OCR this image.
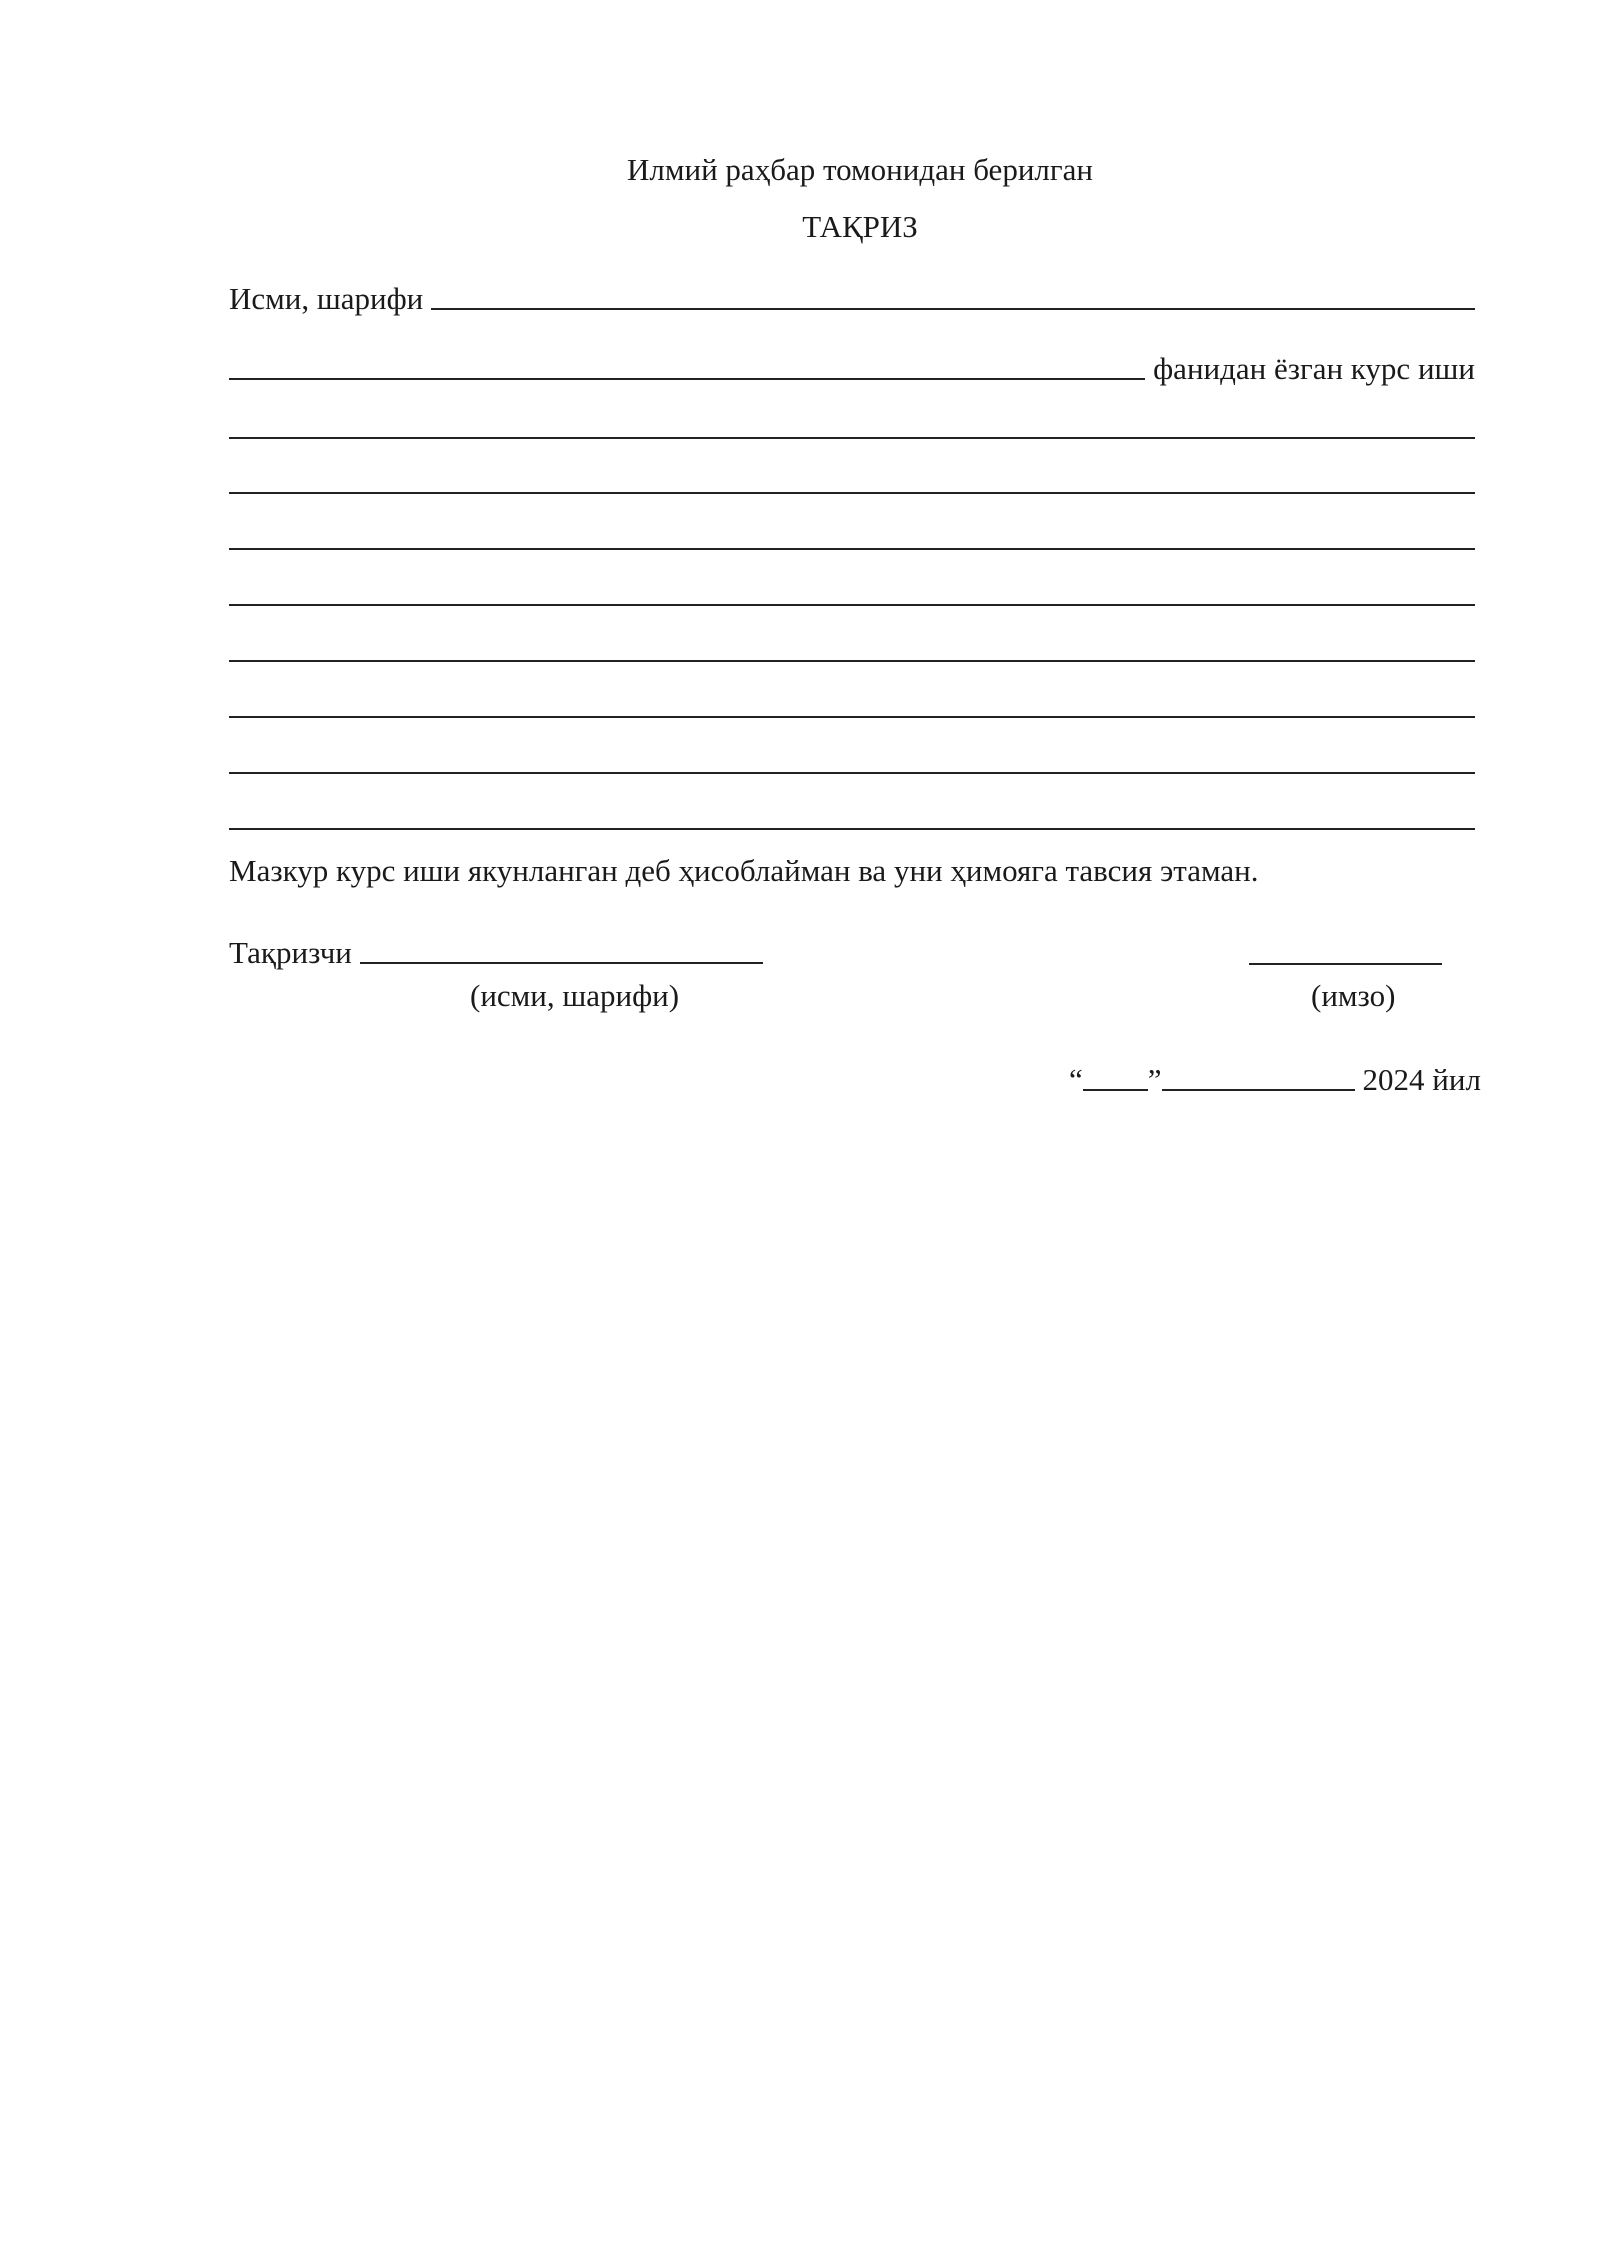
Илмий раҳбар томонидан берилган
ТАҚРИЗ
Исми, шарифи
фанидан ёзган курс иши
Мазкур курс иши якунланган деб ҳисоблайман ва уни ҳимояга тавсия этаман.
Тақризчи
(исми, шарифи)	(имзо)
“ ”	2024 йил
